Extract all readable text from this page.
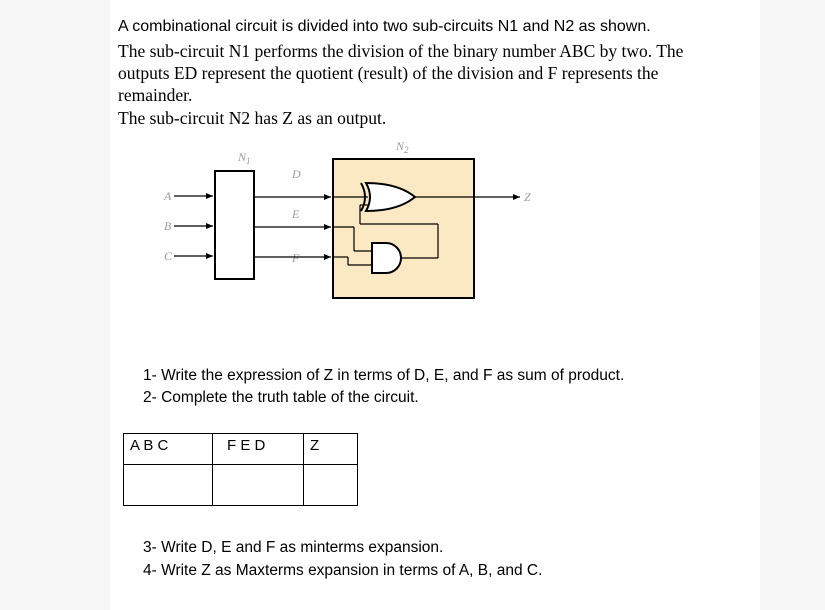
A combinational circuit is divided into two sub-circuits N1 and N2 as shown.
The sub-circuit N1 performs the division of the binary number ABC by two. The
outputs ED represent the quotient (result) of the division and F represents the
remainder.
The sub-circuit N2 has Z as an output.
$N_1$
$N_2$
A
B
C
D
E
F
Z
1- Write the expression of Z in terms of D, E, and F as sum of product.
2- Complete the truth table of the circuit.
A B C	F E D	Z

3- Write D, E and F as minterms expansion.
4- Write Z as Maxterms expansion in terms of A, B, and C.
